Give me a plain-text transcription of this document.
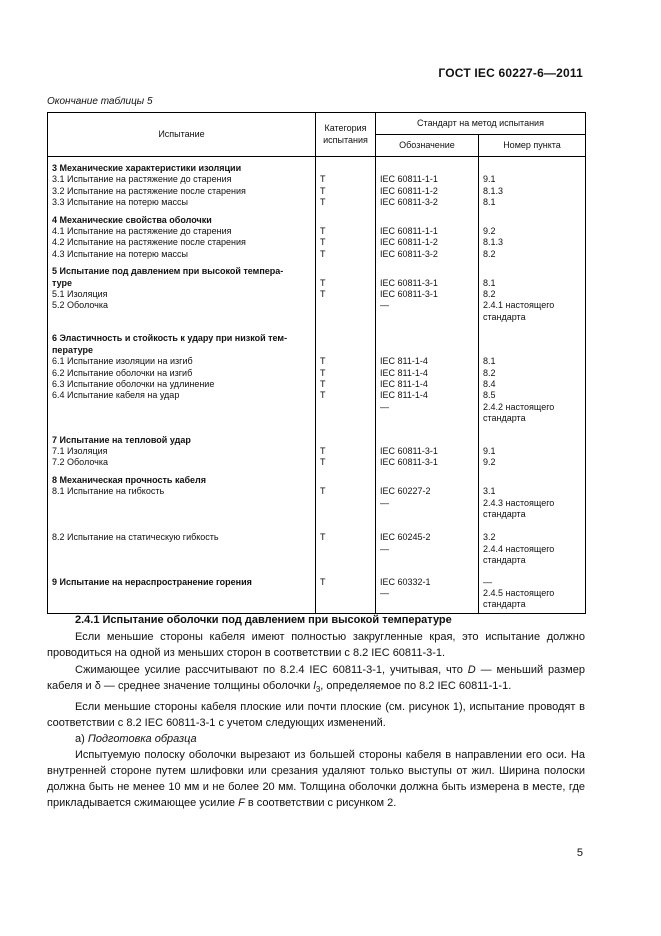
ГОСТ IEC 60227-6—2011
Окончание таблицы 5
Испытание	Категория испытания	Стандарт на метод испытания	
		Обозначение	Номер пункта

3 Механические характеристики изоляции			
3.1 Испытание на растяжение до старения	Т	IEC 60811-1-1	9.1
3.2 Испытание на растяжение после старения	Т	IEC 60811-1-2	8.1.3
3.3 Испытание на потерю массы	Т	IEC 60811-3-2	8.1

4 Механические свойства оболочки			
4.1 Испытание на растяжение до старения	Т	IEC 60811-1-1	9.2
4.2 Испытание на растяжение после старения	Т	IEC 60811-1-2	8.1.3
4.3 Испытание на потерю массы	Т	IEC 60811-3-2	8.2

5 Испытание под давлением при высокой темпера-			
туре	Т	IEC 60811-3-1	8.1
5.1 Изоляция	Т	IEC 60811-3-1	8.2
5.2 Оболочка		—	2.4.1 настоящего
			стандарта

6 Эластичность и стойкость к удару при низкой тем-			
пературе			
6.1 Испытание изоляции на изгиб	Т	IEC 811-1-4	8.1
6.2 Испытание оболочки на изгиб	Т	IEC 811-1-4	8.2
6.3 Испытание оболочки на удлинение	Т	IEC 811-1-4	8.4
6.4 Испытание кабеля на удар	Т	IEC 811-1-4	8.5
		—	2.4.2 настоящего
			стандарта

7 Испытание на тепловой удар			
7.1 Изоляция	Т	IEC 60811-3-1	9.1
7.2 Оболочка	Т	IEC 60811-3-1	9.2

8 Механическая прочность кабеля			
8.1 Испытание на гибкость	Т	IEC 60227-2	3.1
		—	2.4.3 настоящего
			стандарта

8.2 Испытание на статическую гибкость	Т	IEC 60245-2	3.2
		—	2.4.4 настоящего
			стандарта

9 Испытание на нераспространение горения	Т	IEC 60332-1	—
		—	2.4.5 настоящего
			стандарта

2.4.1 Испытание оболочки под давлением при высокой температуре

Если меньшие стороны кабеля имеют полностью закругленные края, это испытание должно проводиться на одной из меньших сторон в соответствии с 8.2 IEC 60811-3-1.

Сжимающее усилие рассчитывают по 8.2.4 IEC 60811-3-1, учитывая, что D — меньший размер кабеля и δ — среднее значение толщины оболочки $l_3$, определяемое по 8.2 IEC 60811-1-1.

Если меньшие стороны кабеля плоские или почти плоские (см. рисунок 1), испытание проводят в соответствии с 8.2 IEC 60811-3-1 с учетом следующих изменений.

а) Подготовка образца

Испытуемую полоску оболочки вырезают из большей стороны кабеля в направлении его оси. На внутренней стороне путем шлифовки или срезания удаляют только выступы от жил. Ширина полоски должна быть не менее 10 мм и не более 20 мм. Толщина оболочки должна быть измерена в месте, где прикладывается сжимающее усилие F в соответствии с рисунком 2.

5
